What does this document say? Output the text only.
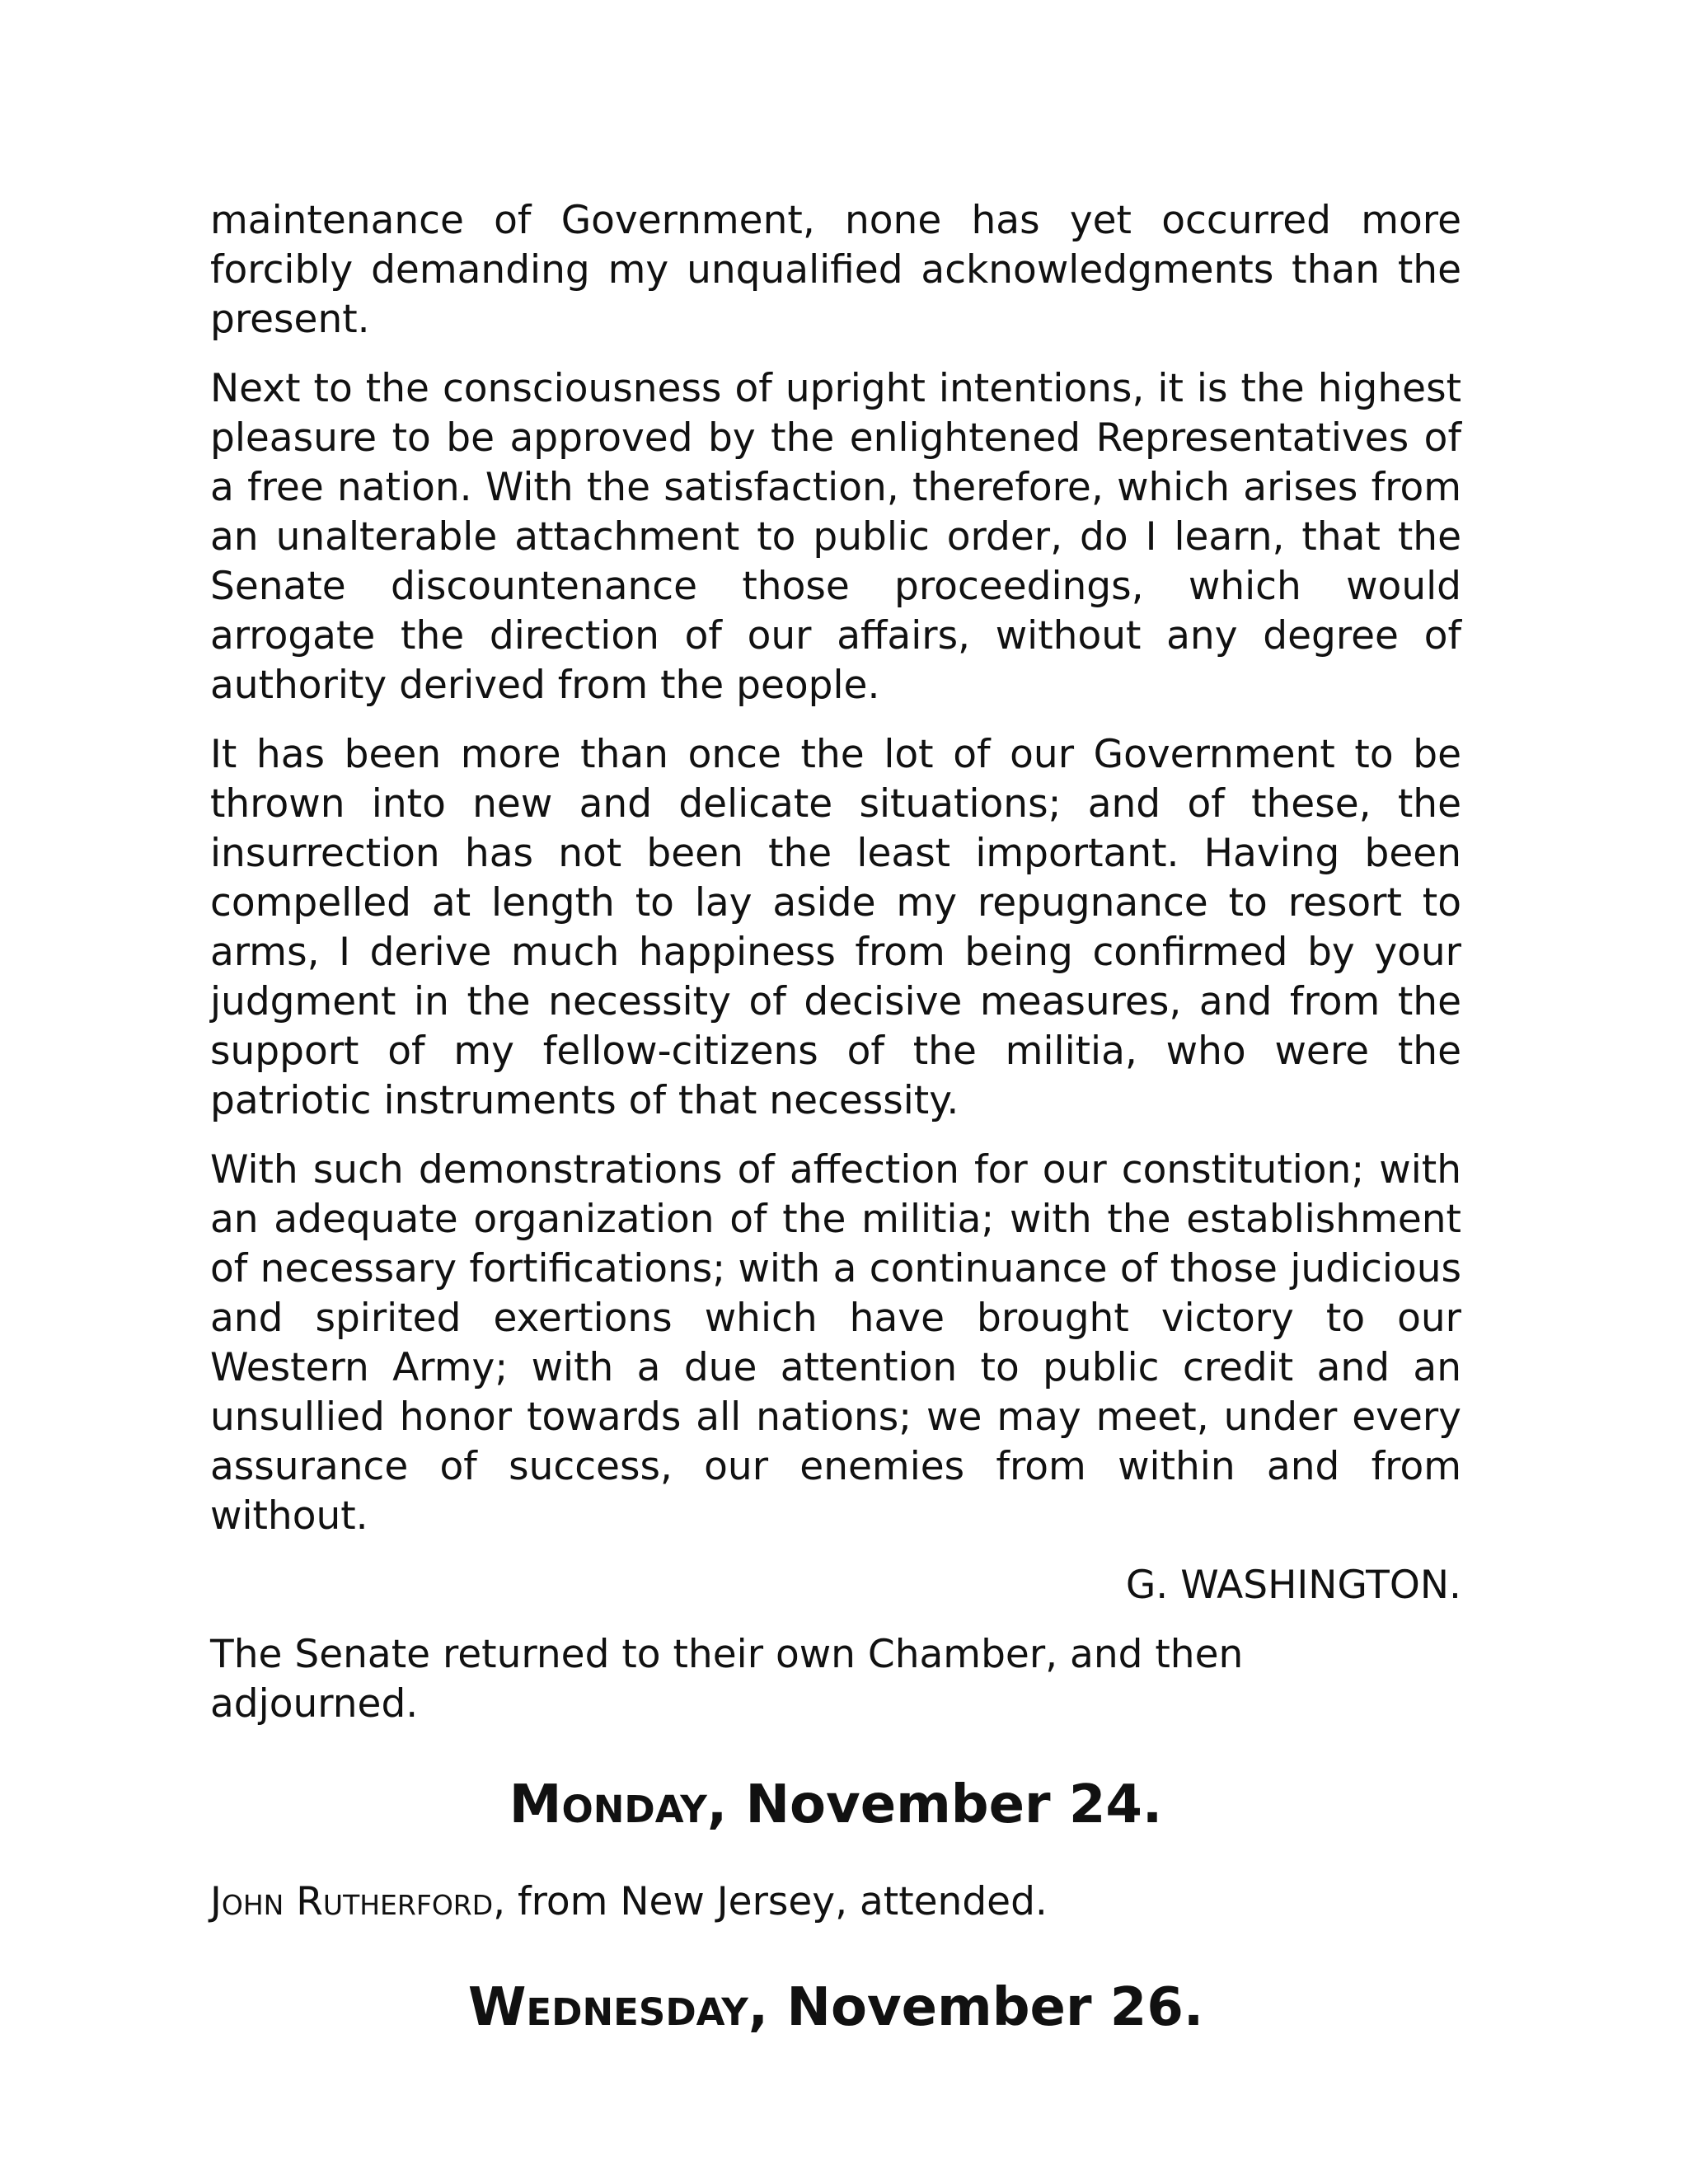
maintenance of Government, none has yet occurred more forcibly demanding my unqualified acknowledgments than the present.

Next to the consciousness of upright intentions, it is the highest pleasure to be approved by the enlightened Representatives of a free nation. With the satisfaction, therefore, which arises from an unalterable attachment to public order, do I learn, that the Senate discountenance those proceedings, which would arrogate the direction of our affairs, without any degree of authority derived from the people.

It has been more than once the lot of our Government to be thrown into new and delicate situations; and of these, the insurrection has not been the least important. Having been compelled at length to lay aside my repugnance to resort to arms, I derive much happiness from being confirmed by your judgment in the necessity of decisive measures, and from the support of my fellow-citizens of the militia, who were the patriotic instruments of that necessity.

With such demonstrations of affection for our constitution; with an adequate organization of the militia; with the establishment of necessary fortifications; with a continuance of those judicious and spirited exertions which have brought victory to our Western Army; with a due attention to public credit and an unsullied honor towards all nations; we may meet, under every assurance of success, our enemies from within and from without.

G. WASHINGTON.

The Senate returned to their own Chamber, and then adjourned.

Monday, November 24.

John Rutherford, from New Jersey, attended.

Wednesday, November 26.
